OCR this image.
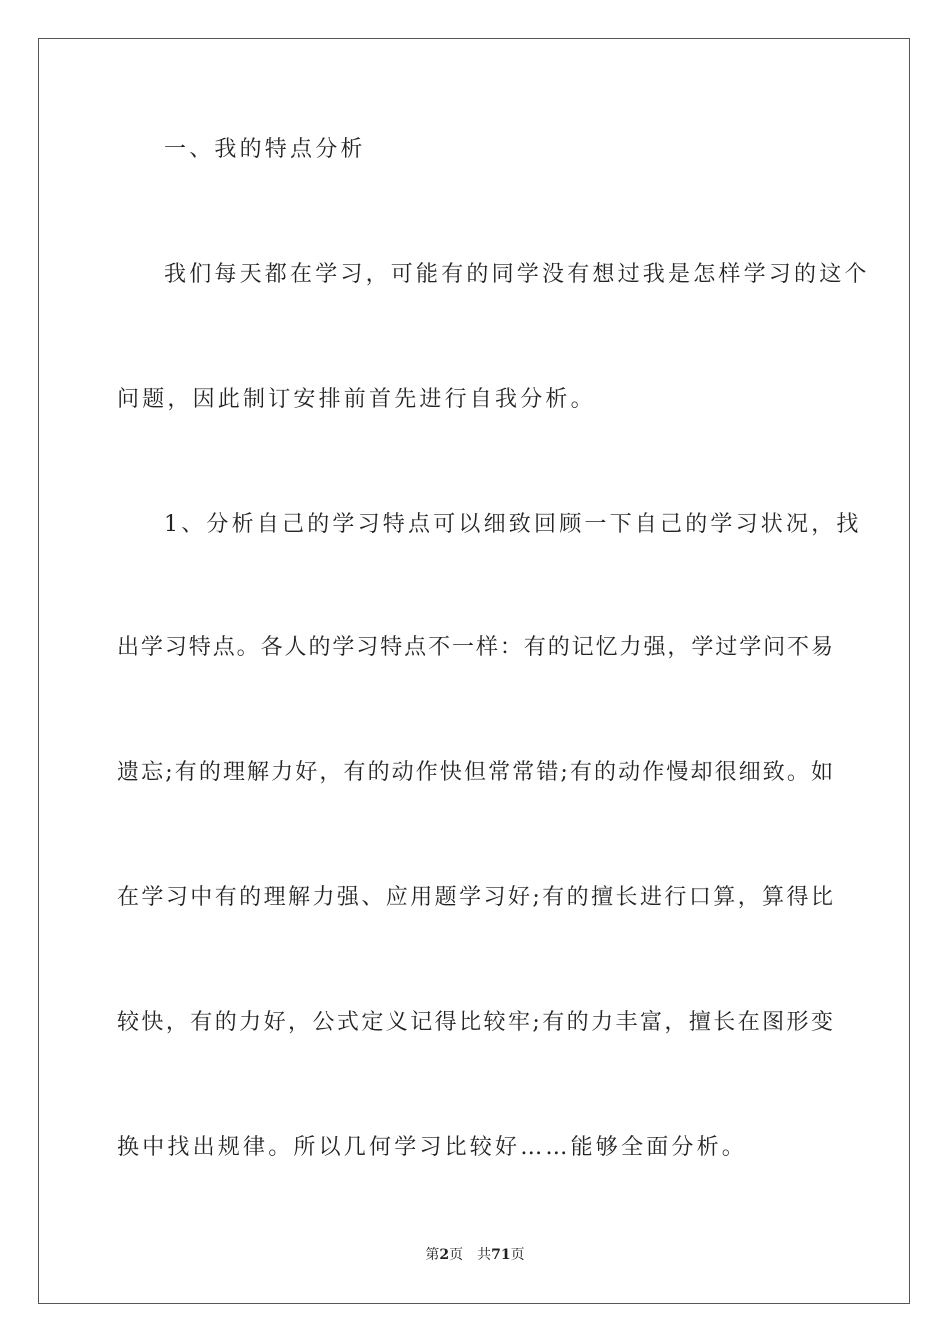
一、我的特点分析
我们每天都在学习，可能有的同学没有想过我是怎样学习的这个
问题，因此制订安排前首先进行自我分析。
1、分析自己的学习特点可以细致回顾一下自己的学习状况，找
出学习特点。各人的学习特点不一样：有的记忆力强，学过学问不易
遗忘;有的理解力好，有的动作快但常常错;有的动作慢却很细致。如
在学习中有的理解力强、应用题学习好;有的擅长进行口算，算得比
较快，有的力好，公式定义记得比较牢;有的力丰富，擅长在图形变
换中找出规律。所以几何学习比较好……能够全面分析。
第2页 共71页
